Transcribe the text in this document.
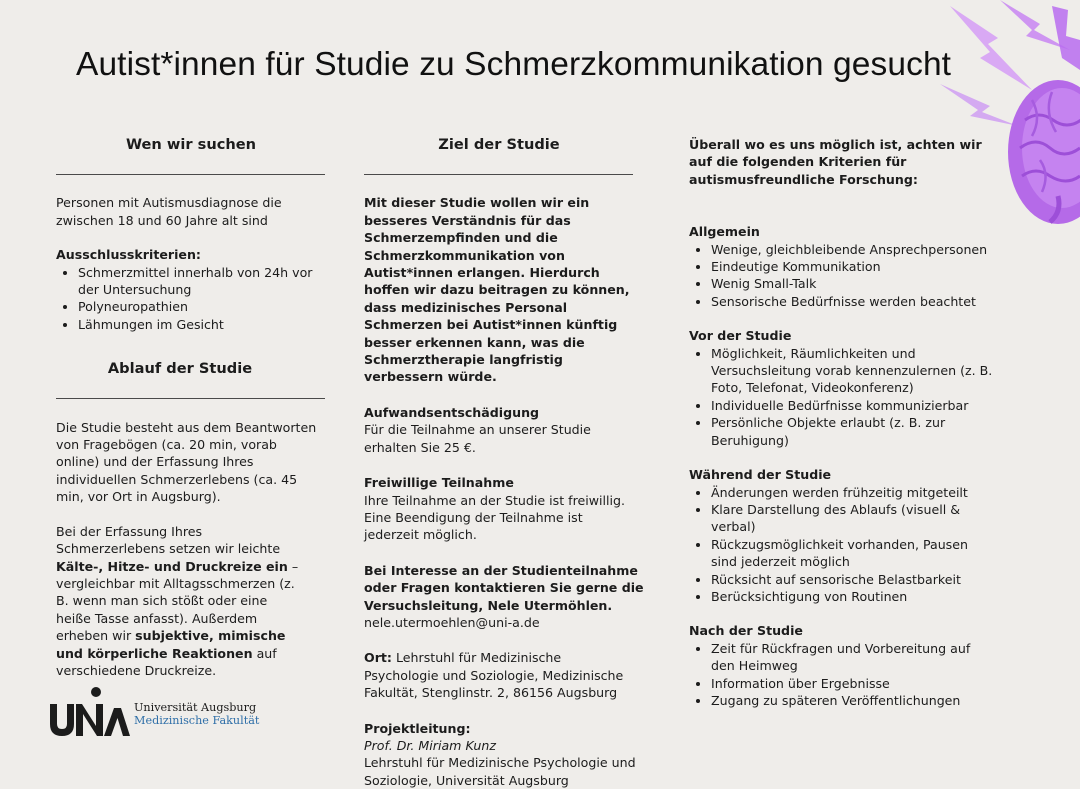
Autist*innen für Studie zu Schmerzkommunikation gesucht
Wen wir suchen

Personen mit Autismusdiagnose die zwischen 18 und 60 Jahre alt sind

Ausschlusskriterien:

• Schmerzmittel innerhalb von 24h vor der Untersuchung
• Polyneuropathien
• Lähmungen im Gesicht
Ablauf der Studie

Die Studie besteht aus dem Beantworten von Fragebögen (ca. 20 min, vorab online) und der Erfassung Ihres individuellen Schmerzerlebens (ca. 45 min, vor Ort in Augsburg).

Bei der Erfassung Ihres Schmerzerlebens setzen wir leichte Kälte-, Hitze- und Druckreize ein – vergleichbar mit Alltagsschmerzen (z. B. wenn man sich stößt oder eine heiße Tasse anfasst). Außerdem erheben wir subjektive, mimische und körperliche Reaktionen auf verschiedene Druckreize.

Universität Augsburg
Medizinische Fakultät
Ziel der Studie

Mit dieser Studie wollen wir ein besseres Verständnis für das Schmerzempfinden und die Schmerzkommunikation von Autist*innen erlangen. Hierdurch hoffen wir dazu beitragen zu können, dass medizinisches Personal Schmerzen bei Autist*innen künftig besser erkennen kann, was die Schmerztherapie langfristig verbessern würde.

Aufwandsentschädigung

Für die Teilnahme an unserer Studie erhalten Sie 25 €.

Freiwillige Teilnahme

Ihre Teilnahme an der Studie ist freiwillig. Eine Beendigung der Teilnahme ist jederzeit möglich.

Bei Interesse an der Studienteilnahme oder Fragen kontaktieren Sie gerne die Versuchsleitung, Nele Utermöhlen.

nele.utermoehlen@uni-a.de

Ort: Lehrstuhl für Medizinische Psychologie und Soziologie, Medizinische Fakultät, Stenglinstr. 2, 86156 Augsburg

Projektleitung:

Prof. Dr. Miriam Kunz

Lehrstuhl für Medizinische Psychologie und Soziologie, Universität Augsburg

Überall wo es uns möglich ist, achten wir auf die folgenden Kriterien für autismusfreundliche Forschung:

Allgemein

• Wenige, gleichbleibende Ansprechpersonen
• Eindeutige Kommunikation
• Wenig Small-Talk
• Sensorische Bedürfnisse werden beachtet

Vor der Studie

• Möglichkeit, Räumlichkeiten und Versuchsleitung vorab kennenzulernen (z. B. Foto, Telefonat, Videokonferenz)
• Individuelle Bedürfnisse kommunizierbar
• Persönliche Objekte erlaubt (z. B. zur Beruhigung)

Während der Studie

• Änderungen werden frühzeitig mitgeteilt
• Klare Darstellung des Ablaufs (visuell & verbal)
• Rückzugsmöglichkeit vorhanden, Pausen sind jederzeit möglich
• Rücksicht auf sensorische Belastbarkeit
• Berücksichtigung von Routinen

Nach der Studie

• Zeit für Rückfragen und Vorbereitung auf den Heimweg
• Information über Ergebnisse
• Zugang zu späteren Veröffentlichungen
